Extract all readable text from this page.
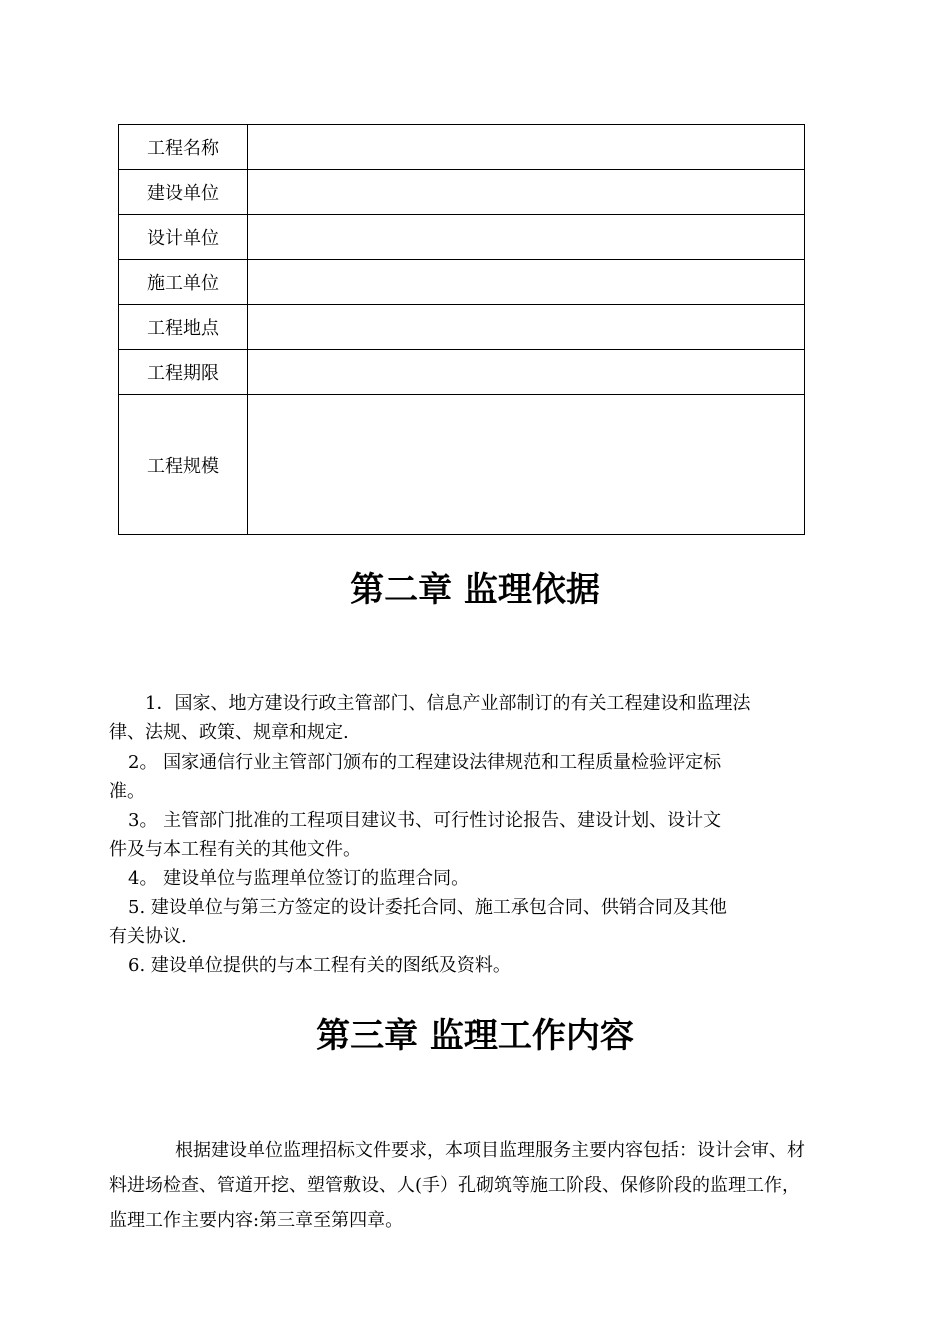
工程名称	
建设单位	
设计单位	
施工单位	
工程地点	
工程期限	
工程规模	
第二章 监理依据

1．国家、地方建设行政主管部门、信息产业部制订的有关工程建设和监理法

律、法规、政策、规章和规定.

2。 国家通信行业主管部门颁布的工程建设法律规范和工程质量检验评定标

准。

3。 主管部门批准的工程项目建议书、可行性讨论报告、建设计划、设计文

件及与本工程有关的其他文件。

4。 建设单位与监理单位签订的监理合同。

5. 建设单位与第三方签定的设计委托合同、施工承包合同、供销合同及其他

有关协议.

6. 建设单位提供的与本工程有关的图纸及资料。

第三章 监理工作内容

根据建设单位监理招标文件要求，本项目监理服务主要内容包括：设计会审、材料进场检查、管道开挖、塑管敷设、人(手）孔砌筑等施工阶段、保修阶段的监理工作，监理工作主要内容:第三章至第四章。
